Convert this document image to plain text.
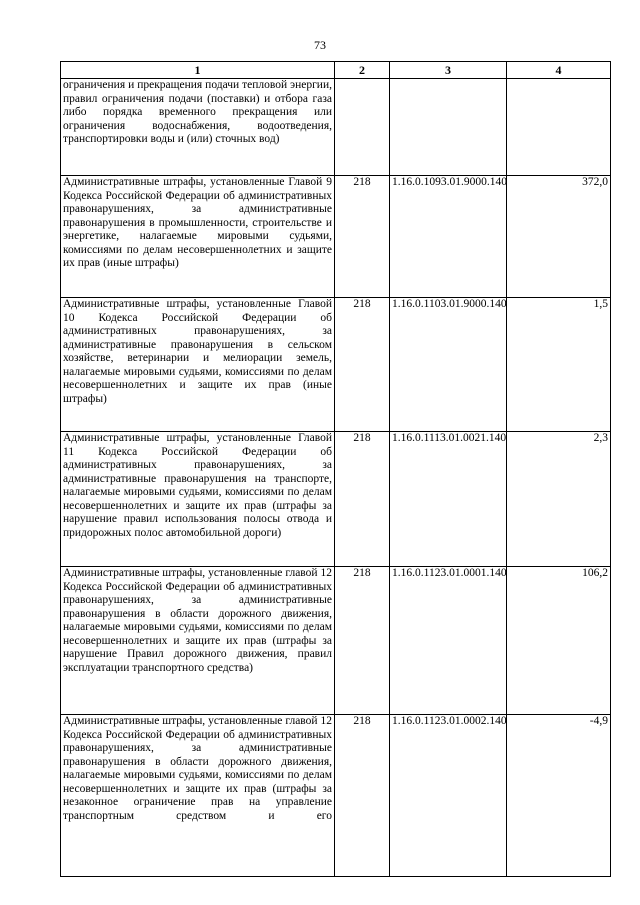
73
1	2	3	4
ограничения и прекращения подачи тепловой энергии, правил ограничения подачи (поставки) и отбора газа либо порядка временного прекращения или ограничения водоснабжения, водоотведения, транспортировки воды и (или) сточных вод)			
Административные штрафы, установленные Главой 9 Кодекса Российской Федерации об административных правонарушениях, за административные правонарушения в промышленности, строительстве и энергетике, налагаемые мировыми судьями, комиссиями по делам несовершеннолетних и защите их прав (иные штрафы)	218	1.16.0.1093.01.9000.140	372,0
Административные штрафы, установленные Главой 10 Кодекса Российской Федерации об административных правонарушениях, за административные правонарушения в сельском хозяйстве, ветеринарии и мелиорации земель, налагаемые мировыми судьями, комиссиями по делам несовершеннолетних и защите их прав (иные штрафы)	218	1.16.0.1103.01.9000.140	1,5
Административные штрафы, установленные Главой 11 Кодекса Российской Федерации об административных правонарушениях, за административные правонарушения на транспорте, налагаемые мировыми судьями, комиссиями по делам несовершеннолетних и защите их прав (штрафы за нарушение правил использования полосы отвода и придорожных полос автомобильной дороги)	218	1.16.0.1113.01.0021.140	2,3
Административные штрафы, установленные главой 12 Кодекса Российской Федерации об административных правонарушениях, за административные правонарушения в области дорожного движения, налагаемые мировыми судьями, комиссиями по делам несовершеннолетних и защите их прав (штрафы за нарушение Правил дорожного движения, правил эксплуатации транспортного средства)	218	1.16.0.1123.01.0001.140	106,2
Административные штрафы, установленные главой 12 Кодекса Российской Федерации об административных правонарушениях, за административные правонарушения в области дорожного движения, налагаемые мировыми судьями, комиссиями по делам несовершеннолетних и защите их прав (штрафы за незаконное ограничение прав на управление транспортным средством и его	218	1.16.0.1123.01.0002.140	-4,9
